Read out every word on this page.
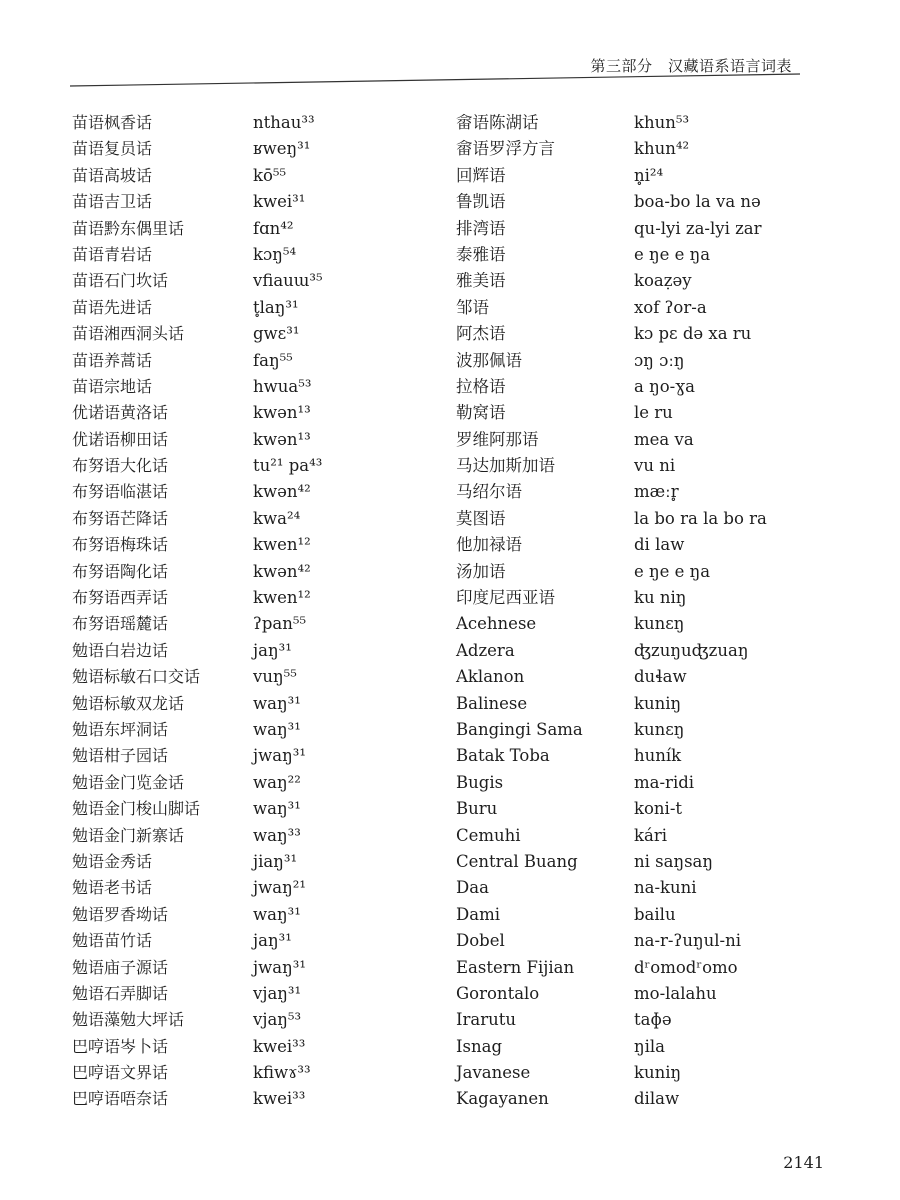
第三部分　汉藏语系语言词表
苗语枫香话
苗语复员话
苗语高坡话
苗语吉卫话
苗语黔东偶里话
苗语青岩话
苗语石门坎话
苗语先进话
苗语湘西洞头话
苗语养蒿话
苗语宗地话
优诺语黄洛话
优诺语柳田话
布努语大化话
布努语临湛话
布努语芒降话
布努语梅珠话
布努语陶化话
布努语西弄话
布努语瑶麓话
勉语白岩边话
勉语标敏石口交话
勉语标敏双龙话
勉语东坪洞话
勉语柑子园话
勉语金门览金话
勉语金门梭山脚话
勉语金门新寨话
勉语金秀话
勉语老书话
勉语罗香坳话
勉语苗竹话
勉语庙子源话
勉语石弄脚话
勉语藻勉大坪话
巴哼语岑卜话
巴哼语文界话
巴哼语唔奈话
nthau³³
ʁweŋ³¹
kō⁵⁵
kwei³¹
fɑn⁴²
kɔŋ⁵⁴
vfiauɯ³⁵
t̥laŋ³¹
gwɛ³¹
faŋ⁵⁵
hwua⁵³
kwən¹³
kwən¹³
tu²¹ pa⁴³
kwən⁴²
kwa²⁴
kwen¹²
kwən⁴²
kwen¹²
ʔpan⁵⁵
jaŋ³¹
vuŋ⁵⁵
waŋ³¹
waŋ³¹
jwaŋ³¹
waŋ²²
waŋ³¹
waŋ³³
jiaŋ³¹
jwaŋ²¹
waŋ³¹
jaŋ³¹
jwaŋ³¹
vjaŋ³¹
vjaŋ⁵³
kwei³³
kfiwɤ³³
kwei³³
畲语陈湖话
畲语罗浮方言
回辉语
鲁凯语
排湾语
泰雅语
雅美语
邹语
阿杰语
波那佩语
拉格语
勒窝语
罗维阿那语
马达加斯加语
马绍尔语
莫图语
他加禄语
汤加语
印度尼西亚语
Acehnese
Adzera
Aklanon
Balinese
Bangingi Sama
Batak Toba
Bugis
Buru
Cemuhi
Central Buang
Daa
Dami
Dobel
Eastern Fijian
Gorontalo
Irarutu
Isnag
Javanese
Kagayanen
khun⁵³
khun⁴²
n̥i²⁴
boa-bo la va nə
qu-lyi za-lyi zar
e ŋe e ŋa
koaẓəy
xof ʔor-a
kɔ pɛ də xa ru
ɔŋ ɔːŋ
a ŋo-ɣa
le ru
mea va
vu ni
mæːr̥
la bo ra la bo ra
di law
e ŋe e ŋa
ku niŋ
kunɛŋ
ʤzuŋuʤzuaŋ
duɬaw
kuniŋ
kunɛŋ
huník
ma-ridi
koni-t
kári
ni saŋsaŋ
na-kuni
bailu
na-r-ʔuŋul-ni
dʳomodʳomo
mo-lalahu
taɸə
ŋila
kuniŋ
dilaw
2141
